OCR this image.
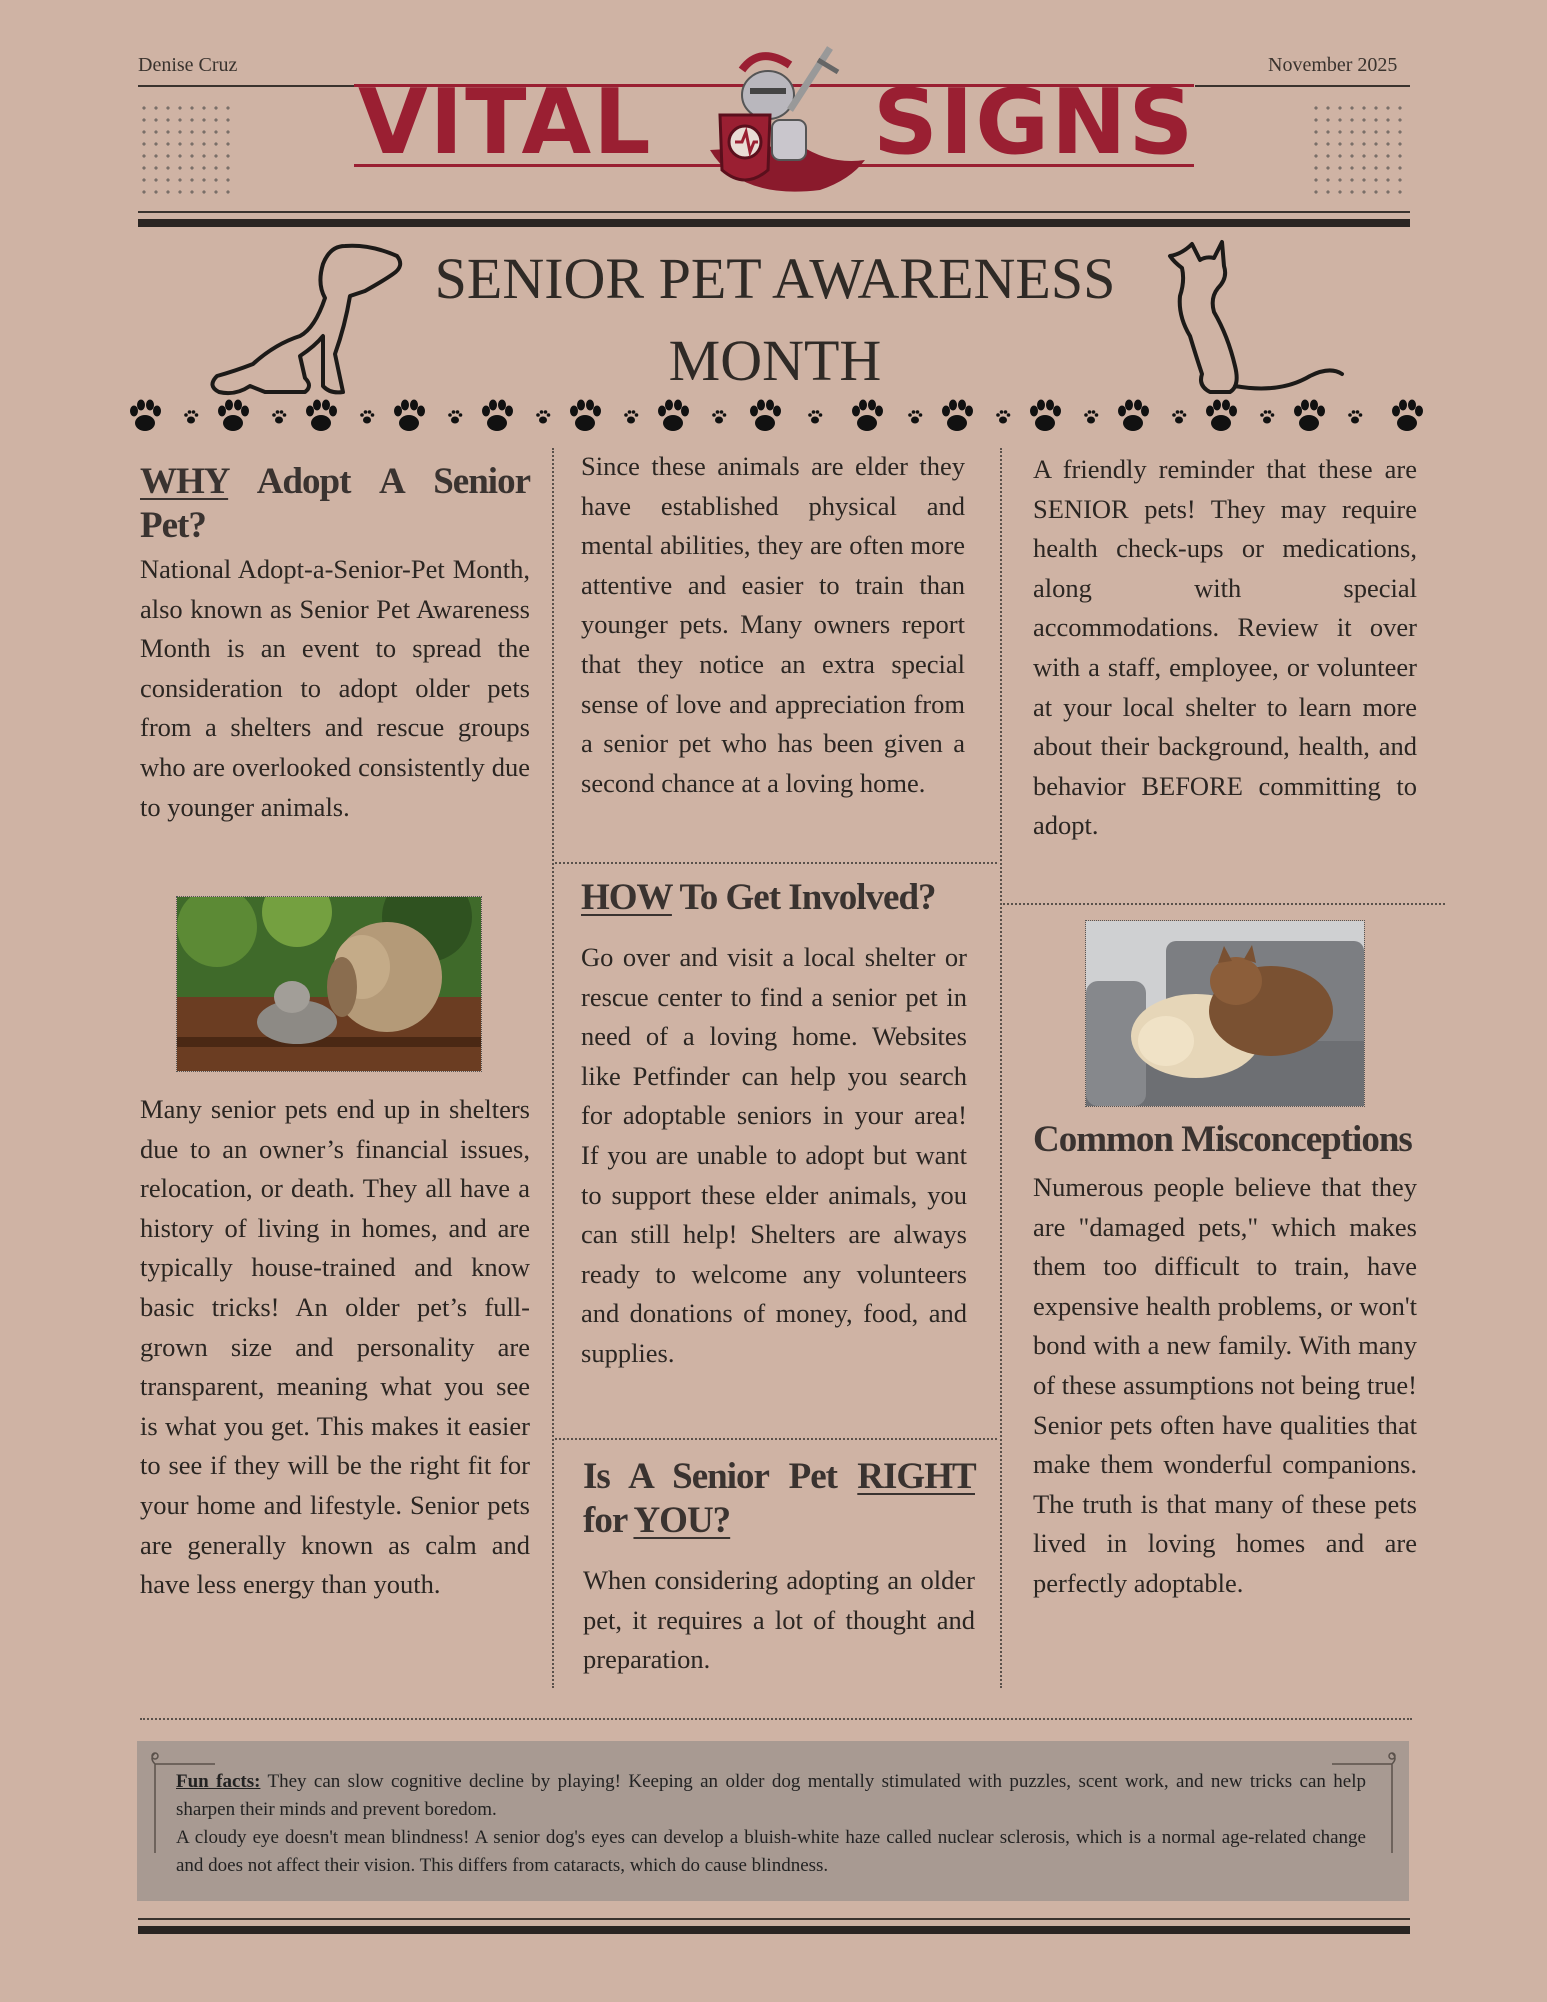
Denise Cruz	November 2025
VITAL SIGNS
SENIOR PET AWARENESS
MONTH
WHY Adopt A Senior Pet?

National Adopt-a-Senior-Pet Month, also known as Senior Pet Awareness Month is an event to spread the consideration to adopt older pets from a shelters and rescue groups who are overlooked consistently due to younger animals.

Many senior pets end up in shelters due to an owner’s financial issues, relocation, or death. They all have a history of living in homes, and are typically house-trained and know basic tricks! An older pet’s full-grown size and personality are transparent, meaning what you see is what you get. This makes it easier to see if they will be the right fit for your home and lifestyle. Senior pets are generally known as calm and have less energy than youth.

Since these animals are elder they have established physical and mental abilities, they are often more attentive and easier to train than younger pets. Many owners report that they notice an extra special sense of love and appreciation from a senior pet who has been given a second chance at a loving home.

HOW To Get Involved?

Go over and visit a local shelter or rescue center to find a senior pet in need of a loving home. Websites like Petfinder can help you search for adoptable seniors in your area! If you are unable to adopt but want to support these elder animals, you can still help! Shelters are always ready to welcome any volunteers and donations of money, food, and supplies.

Is A Senior Pet RIGHT for YOU?

When considering adopting an older pet, it requires a lot of thought and preparation.

A friendly reminder that these are SENIOR pets! They may require health check-ups or medications, along with special accommodations. Review it over with a staff, employee, or volunteer at your local shelter to learn more about their background, health, and behavior BEFORE committing to adopt.

Common Misconceptions

Numerous people believe that they are "damaged pets," which makes them too difficult to train, have expensive health problems, or won't bond with a new family. With many of these assumptions not being true! Senior pets often have qualities that make them wonderful companions. The truth is that many of these pets lived in loving homes and are perfectly adoptable.

Fun facts: They can slow cognitive decline by playing! Keeping an older dog mentally stimulated with puzzles, scent work, and new tricks can help sharpen their minds and prevent boredom.
A cloudy eye doesn't mean blindness! A senior dog's eyes can develop a bluish-white haze called nuclear sclerosis, which is a normal age-related change and does not affect their vision. This differs from cataracts, which do cause blindness.
